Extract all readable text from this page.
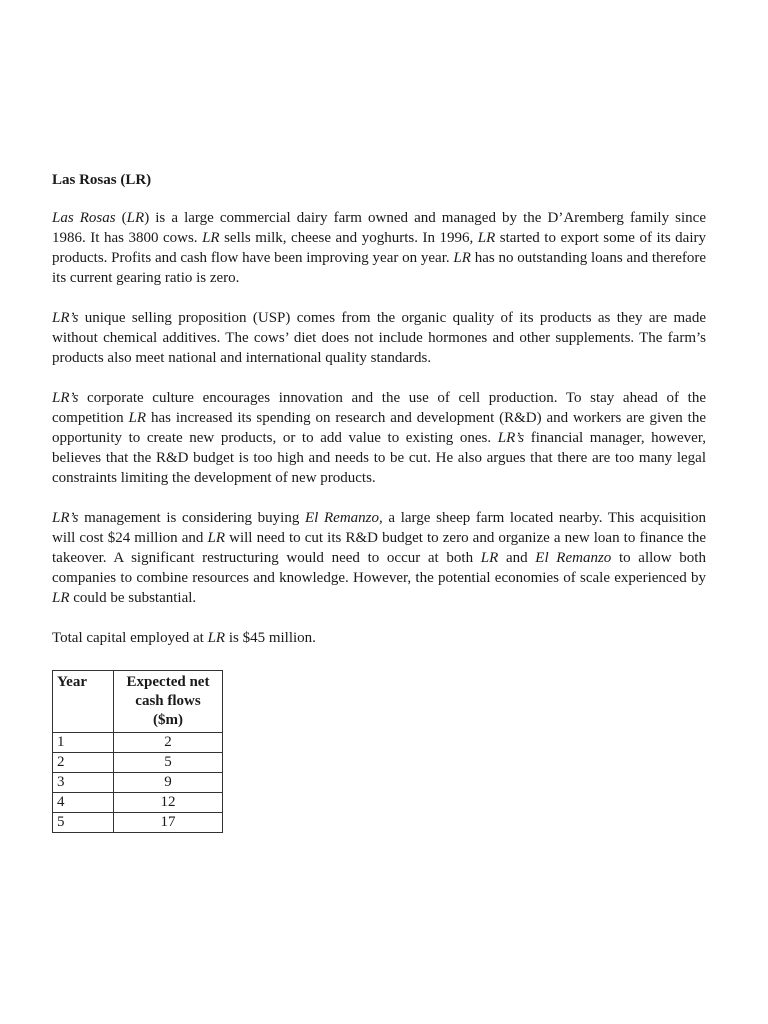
Las Rosas (LR)

Las Rosas (LR) is a large commercial dairy farm owned and managed by the D’Aremberg family since 1986. It has 3800 cows. LR sells milk, cheese and yoghurts. In 1996, LR started to export some of its dairy products. Profits and cash flow have been improving year on year. LR has no outstanding loans and therefore its current gearing ratio is zero.

LR’s unique selling proposition (USP) comes from the organic quality of its products as they are made without chemical additives. The cows’ diet does not include hormones and other supplements. The farm’s products also meet national and international quality standards.

LR’s corporate culture encourages innovation and the use of cell production. To stay ahead of the competition LR has increased its spending on research and development (R&D) and workers are given the opportunity to create new products, or to add value to existing ones. LR’s financial manager, however, believes that the R&D budget is too high and needs to be cut. He also argues that there are too many legal constraints limiting the development of new products.

LR’s management is considering buying El Remanzo, a large sheep farm located nearby. This acquisition will cost $24 million and LR will need to cut its R&D budget to zero and organize a new loan to finance the takeover. A significant restructuring would need to occur at both LR and El Remanzo to allow both companies to combine resources and knowledge. However, the potential economies of scale experienced by LR could be substantial.

Total capital employed at LR is $45 million.

Year	Expected net
cash flows
($m)
1	2
2	5
3	9
4	12
5	17
